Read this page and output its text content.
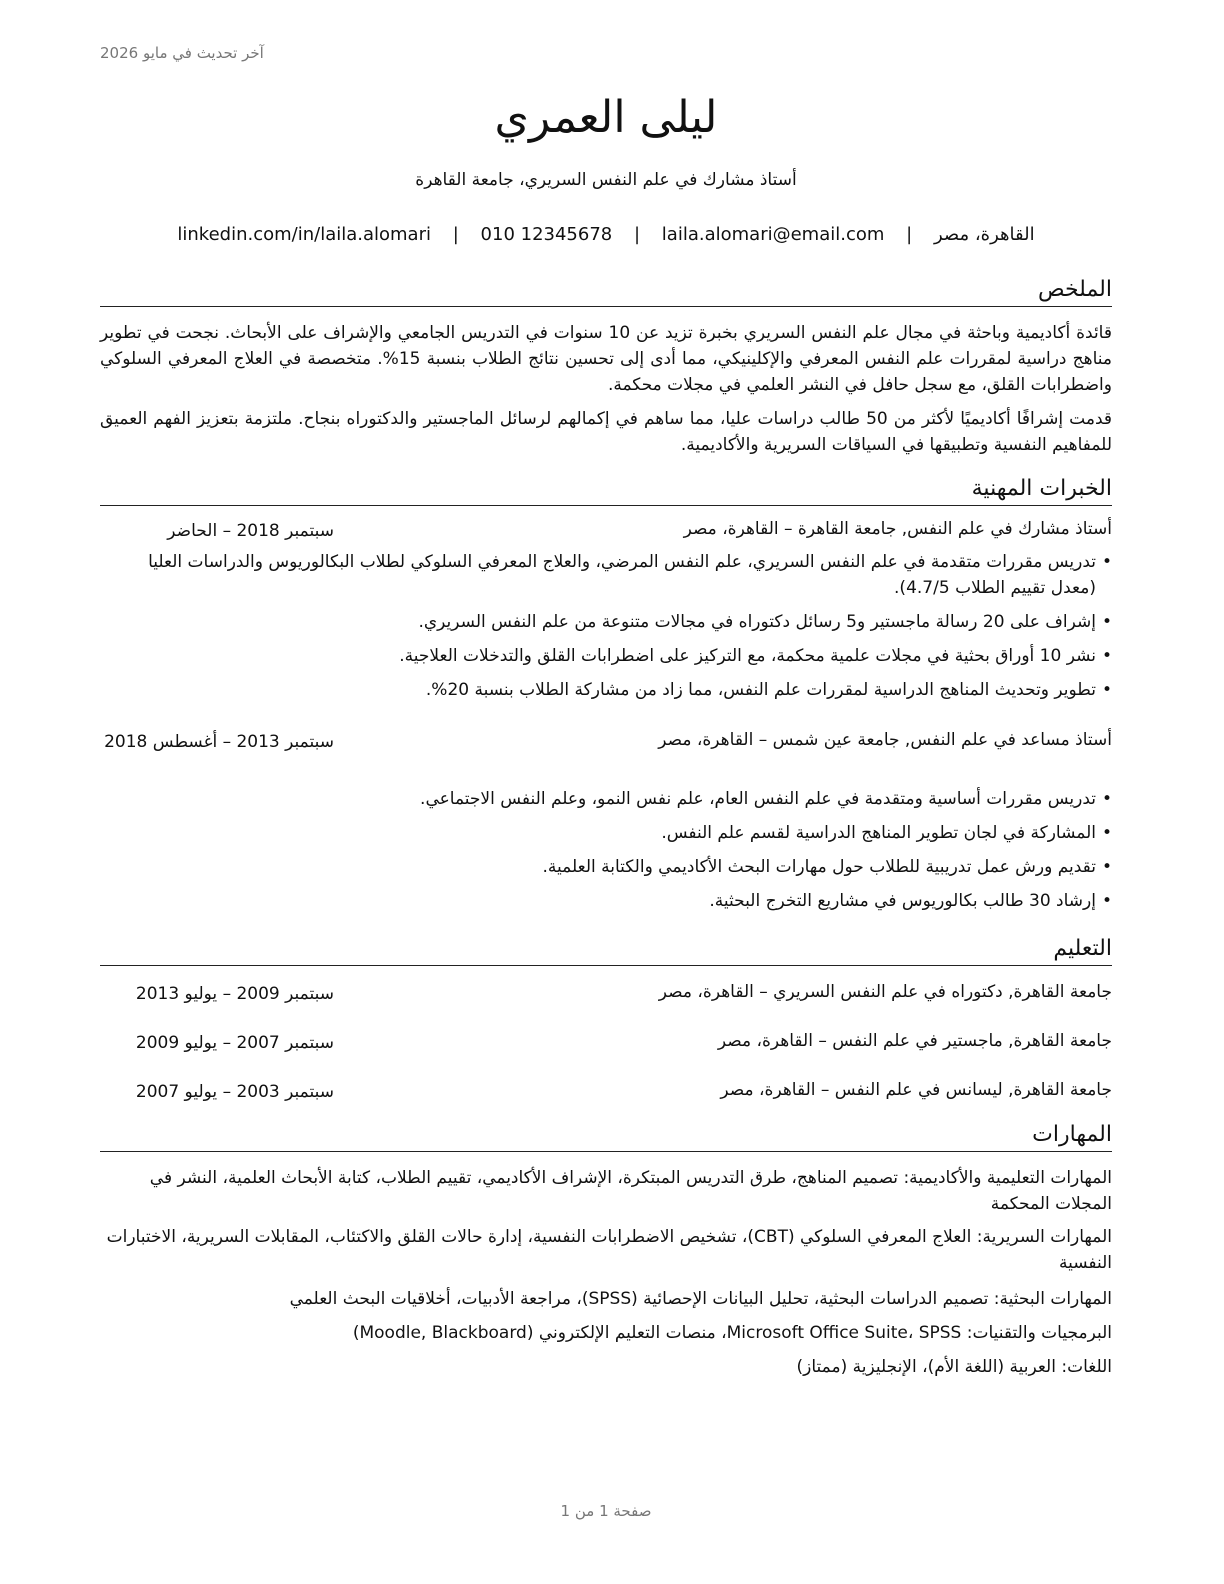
آخر تحديث في مايو 2026
ليلى العمري
أستاذ مشارك في علم النفس السريري، جامعة القاهرة
القاهرة، مصر | laila.alomari@email.com | 010 12345678 | linkedin.com/in/laila.alomari
الملخص
قائدة أكاديمية وباحثة في مجال علم النفس السريري بخبرة تزيد عن 10 سنوات في التدريس الجامعي والإشراف على الأبحاث. نجحت في تطوير مناهج دراسية لمقررات علم النفس المعرفي والإكلينيكي، مما أدى إلى تحسين نتائج الطلاب بنسبة 15%. متخصصة في العلاج المعرفي السلوكي واضطرابات القلق، مع سجل حافل في النشر العلمي في مجلات محكمة.
قدمت إشرافًا أكاديميًا لأكثر من 50 طالب دراسات عليا، مما ساهم في إكمالهم لرسائل الماجستير والدكتوراه بنجاح. ملتزمة بتعزيز الفهم العميق للمفاهيم النفسية وتطبيقها في السياقات السريرية والأكاديمية.
الخبرات المهنية
أستاذ مشارك في علم النفس, جامعة القاهرة – القاهرة، مصر
سبتمبر 2018 – الحاضر
• تدريس مقررات متقدمة في علم النفس السريري، علم النفس المرضي، والعلاج المعرفي السلوكي لطلاب البكالوريوس والدراسات العليا (معدل تقييم الطلاب 4.7/5).
• إشراف على 20 رسالة ماجستير و5 رسائل دكتوراه في مجالات متنوعة من علم النفس السريري.
• نشر 10 أوراق بحثية في مجلات علمية محكمة، مع التركيز على اضطرابات القلق والتدخلات العلاجية.
• تطوير وتحديث المناهج الدراسية لمقررات علم النفس، مما زاد من مشاركة الطلاب بنسبة 20%.
أستاذ مساعد في علم النفس, جامعة عين شمس – القاهرة، مصر
سبتمبر 2013 – أغسطس 2018
• تدريس مقررات أساسية ومتقدمة في علم النفس العام، علم نفس النمو، وعلم النفس الاجتماعي.
• المشاركة في لجان تطوير المناهج الدراسية لقسم علم النفس.
• تقديم ورش عمل تدريبية للطلاب حول مهارات البحث الأكاديمي والكتابة العلمية.
• إرشاد 30 طالب بكالوريوس في مشاريع التخرج البحثية.
التعليم
جامعة القاهرة, دكتوراه في علم النفس السريري – القاهرة، مصر
سبتمبر 2009 – يوليو 2013
جامعة القاهرة, ماجستير في علم النفس – القاهرة، مصر
سبتمبر 2007 – يوليو 2009
جامعة القاهرة, ليسانس في علم النفس – القاهرة، مصر
سبتمبر 2003 – يوليو 2007
المهارات
المهارات التعليمية والأكاديمية: تصميم المناهج، طرق التدريس المبتكرة، الإشراف الأكاديمي، تقييم الطلاب، كتابة الأبحاث العلمية، النشر في المجلات المحكمة
المهارات السريرية: العلاج المعرفي السلوكي (CBT)، تشخيص الاضطرابات النفسية، إدارة حالات القلق والاكتئاب، المقابلات السريرية، الاختبارات النفسية
المهارات البحثية: تصميم الدراسات البحثية، تحليل البيانات الإحصائية (SPSS)، مراجعة الأدبيات، أخلاقيات البحث العلمي
البرمجيات والتقنيات: Microsoft Office Suite، SPSS، منصات التعليم الإلكتروني (Moodle, Blackboard)
اللغات: العربية (اللغة الأم)، الإنجليزية (ممتاز)
صفحة 1 من 1
